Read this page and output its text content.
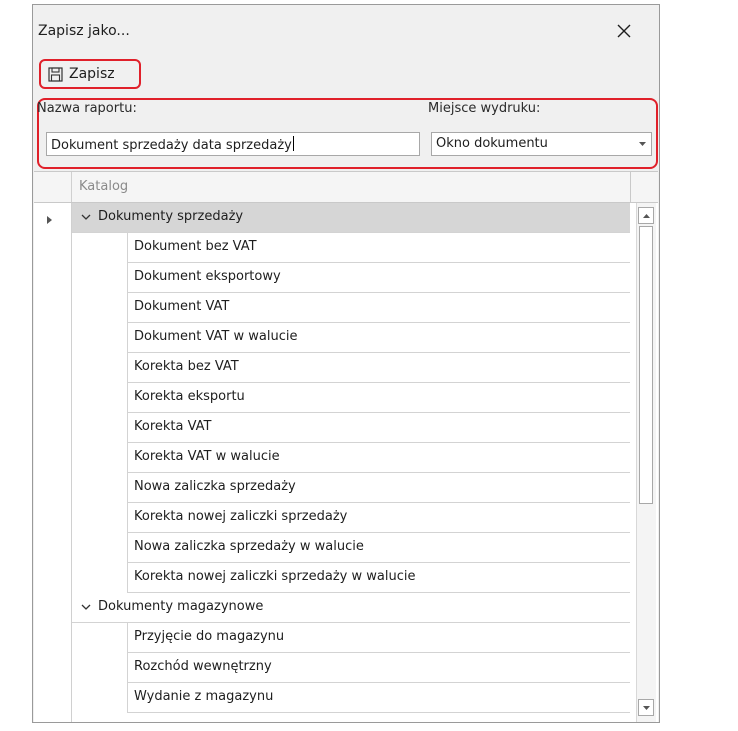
Zapisz jako...
Zapisz
Nazwa raportu:	Miejsce wydruku:
Dokument sprzedaży data sprzedaży	Okno dokumentu
Katalog
Dokumenty sprzedaży
Dokument bez VAT
Dokument eksportowy
Dokument VAT
Dokument VAT w walucie
Korekta bez VAT
Korekta eksportu
Korekta VAT
Korekta VAT w walucie
Nowa zaliczka sprzedaży
Korekta nowej zaliczki sprzedaży
Nowa zaliczka sprzedaży w walucie
Korekta nowej zaliczki sprzedaży w walucie
Dokumenty magazynowe
Przyjęcie do magazynu
Rozchód wewnętrzny
Wydanie z magazynu
